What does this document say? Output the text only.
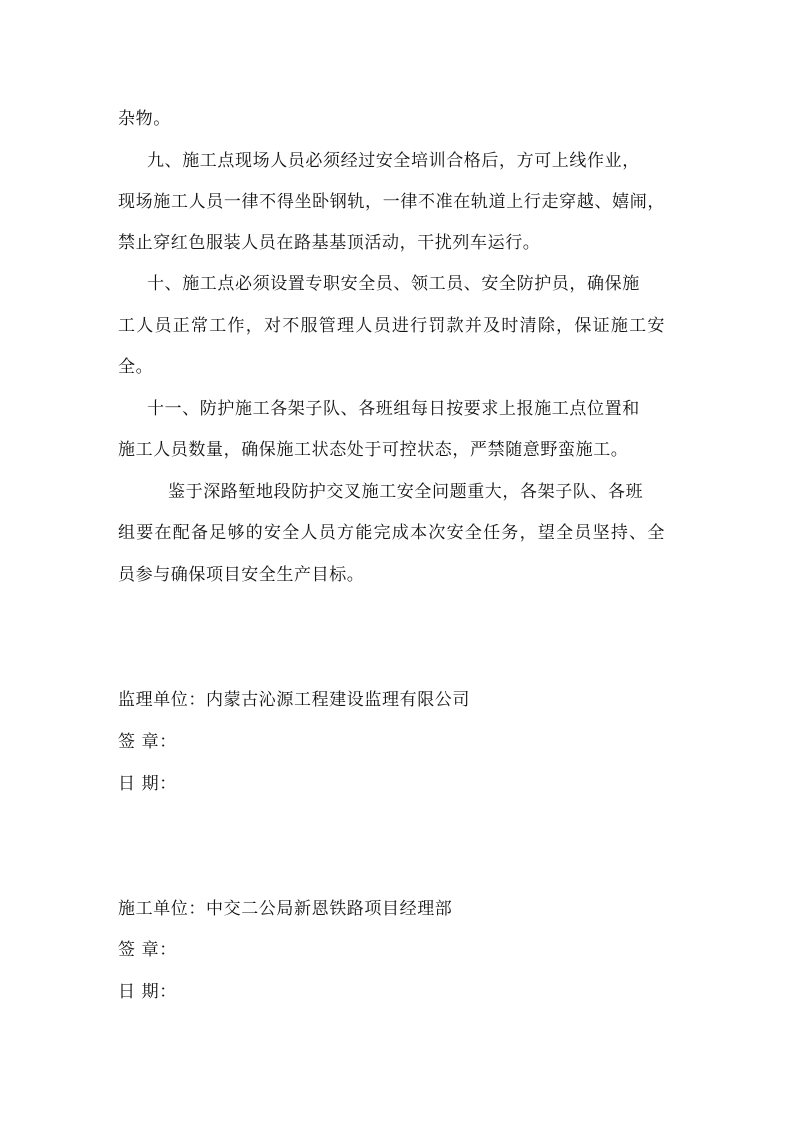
杂物。
九、施工点现场人员必须经过安全培训合格后，方可上线作业，
现场施工人员一律不得坐卧钢轨，一律不准在轨道上行走穿越、嬉闹，
禁止穿红色服装人员在路基基顶活动，干扰列车运行。
十、施工点必须设置专职安全员、领工员、安全防护员，确保施
工人员正常工作，对不服管理人员进行罚款并及时清除，保证施工安
全。
十一、防护施工各架子队、各班组每日按要求上报施工点位置和
施工人员数量，确保施工状态处于可控状态，严禁随意野蛮施工。
鉴于深路堑地段防护交叉施工安全问题重大，各架子队、各班
组要在配备足够的安全人员方能完成本次安全任务，望全员坚持、全
员参与确保项目安全生产目标。
监理单位：内蒙古沁源工程建设监理有限公司
签 章：
日 期：
施工单位：中交二公局新恩铁路项目经理部
签 章：
日 期：
